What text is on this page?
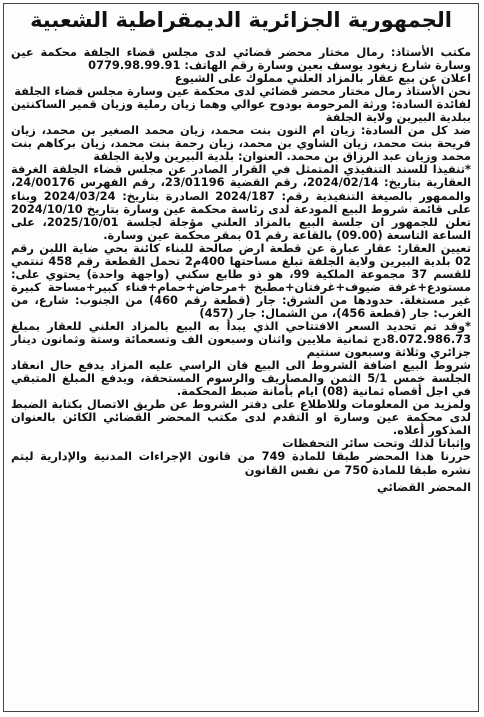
الجمهورية الجزائرية الديمقراطية الشعبية

مكتب الأستاذ: رمال مختار محضر قضائي لدى مجلس قضاء الجلفة محكمة عين وسارة شارع زيغود يوسف بعين وسارة رقم الهاتف: 0779.98.99.91

اعلان عن بيع عقار بالمزاد العلني مملوك على الشيوع

نحن الأستاذ رمال مختار محضر قضائي لدى محكمة عين وسارة مجلس قضاء الجلفة

لفائدة السادة: ورثة المرحومة بودوح عوالي وهما زيان رملية وزيان قمير الساكنتين ببلدية البيرين ولاية الجلفة

ضد كل من السادة: زيان ام النون بنت محمد، زيان محمد الصغير بن محمد، زيان فريحة بنت محمد، زيان الشاوي بن محمد، زيان رحمة بنت محمد، زيان بركاهم بنت محمد وزيان عبد الرزاق بن محمد. العنوان: بلدية البيرين ولاية الجلفة

*تنفيذا للسند التنفيذي المتمثل في القرار الصادر عن مجلس قضاء الجلفة الغرفة العقارية بتاريخ: 2024/02/14، رقم القضية 23/01196، رقم الفهرس 24/00176، والممهور بالصيغة التنفيذية رقم: 2024/187 الصادرة بتاريخ: 2024/03/24 وبناء على قائمة شروط البيع المودعة لدى رئاسة محكمة عين وسارة بتاريخ 2024/10/10 تعلن للجمهور ان جلسة البيع بالمزاد العلني مؤجلة لجلسة 2025/10/01، على الساعة التاسعة (09.00) بالقاعة رقم 01 بمقر محكمة عين وسارة.

تعيين العقار: عقار عبارة عن قطعة ارض صالحة للبناء كائنة بحي ضاية اللبن رقم 02 بلدية البيرين ولاية الجلفة تبلغ مساحتها 400م2 تحمل القطعة رقم 458 تنتمي للقسم 37 مجموعة الملكية 99، هو ذو طابع سكني (واجهة واحدة) يحتوي على: مستودع+غرفة ضيوف+غرفتان+مطبخ +مرحاض+حمام+فناء كبير+مساحة كبيرة غير مستغلة. حدودها من الشرق: جار (قطعة رقم 460) من الجنوب: شارع، من الغرب: جار (قطعة 456)، من الشمال: جار (457)

*وقد تم تحديد السعر الافتتاحي الذي يبدأ به البيع بالمزاد العلني للعقار بمبلغ 8.072.986.73دج ثمانية ملايين واثنان وسبعون الف وتسعمائة وستة وثمانون دينار جزائري وثلاثة وسبعون سنتيم

شروط البيع اضافة الشروط الى البيع فان الراسي عليه المزاد يدفع حال انعقاد الجلسة خمس 5/1 الثمن والمصاريف والرسوم المستحقة، ويدفع المبلغ المتبقي في اجل أقصاه ثمانية (08) ايام بأمانة ضبط المحكمة.

ولمزيد من المعلومات وللاطلاع على دفتر الشروط عن طريق الاتصال بكتابة الضبط لدى محكمة عين وسارة او التقدم لدى مكتب المحضر القضائي الكائن بالعنوان المذكور أعلاه.

وإثباتا لذلك وتحت سائر التحفظات

حررنا هذا المحضر طبقا للمادة 749 من قانون الإجراءات المدنية والإدارية ليتم نشره طبقا للمادة 750 من نفس القانون

المحضر القضائي
